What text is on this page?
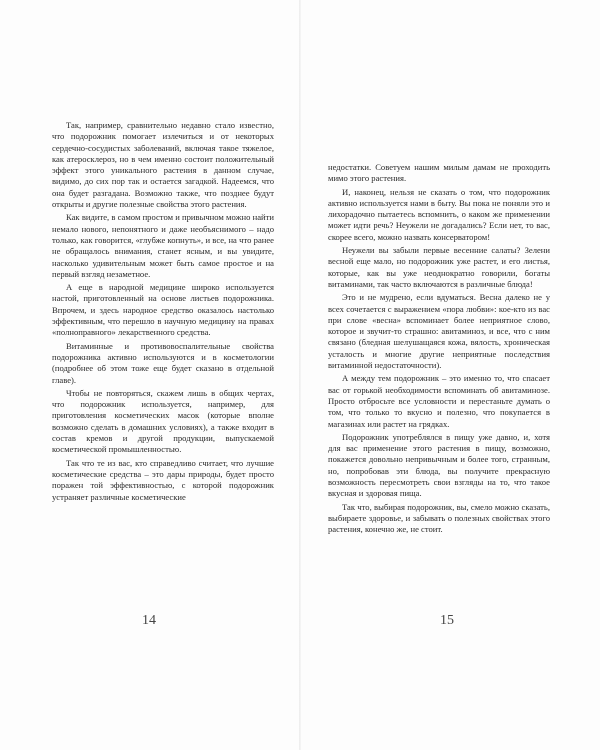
Так, например, сравнительно недавно стало известно, что подорожник помогает излечиться и от некоторых сердечно-сосудистых заболеваний, включая такое тяжелое, как атеросклероз, но в чем именно состоит положительный эффект этого уникального растения в данном случае, видимо, до сих пор так и остается загадкой. Надеемся, что она будет разгадана. Возможно также, что позднее будут открыты и другие полезные свойства этого растения.

Как видите, в самом простом и привычном можно найти немало нового, непонятного и даже необъяснимого – надо только, как говорится, «глубже копнуть», и все, на что ранее не обращалось внимания, станет ясным, и вы увидите, насколько удивительным может быть самое простое и на первый взгляд незаметное.

А еще в народной медицине широко используется настой, приготовленный на основе листьев подорожника. Впрочем, и здесь народное средство оказалось настолько эффективным, что перешло в научную медицину на правах «полноправного» лекарственного средства.

Витаминные и противовоспалительные свойства подорожника активно используются и в косметологии (подробнее об этом тоже еще будет сказано в отдельной главе).

Чтобы не повторяться, скажем лишь в общих чертах, что подорожник используется, например, для приготовления косметических масок (которые вполне возможно сделать в домашних условиях), а также входит в состав кремов и другой продукции, выпускаемой косметической промышленностью.

Так что те из вас, кто справедливо считает, что лучшие косметические средства – это дары природы, будет просто поражен той эффективностью, с которой подорожник устраняет различные косметические

14

недостатки. Советуем нашим милым дамам не проходить мимо этого растения.

И, наконец, нельзя не сказать о том, что подорожник активно используется нами в быту. Вы пока не поняли это и лихорадочно пытаетесь вспомнить, о каком же применении может идти речь? Неужели не догадались? Если нет, то вас, скорее всего, можно назвать консерватором!

Неужели вы забыли первые весенние салаты? Зелени весной еще мало, но подорожник уже растет, и его листья, которые, как вы уже неоднократно говорили, богаты витаминами, так часто включаются в различные блюда!

Это и не мудрено, если вдуматься. Весна далеко не у всех сочетается с выражением «пора любви»: кое-кто из вас при слове «весна» вспоминает более неприятное слово, которое и звучит-то страшно: авитаминоз, и все, что с ним связано (бледная шелушащаяся кожа, вялость, хроническая усталость и многие другие неприятные последствия витаминной недостаточности).

А между тем подорожник – это именно то, что спасает вас от горькой необходимости вспоминать об авитаминозе. Просто отбросьте все условности и перестаньте думать о том, что только то вкусно и полезно, что покупается в магазинах или растет на грядках.

Подорожник употреблялся в пищу уже давно, и, хотя для вас применение этого растения в пищу, возможно, покажется довольно непривычным и более того, странным, но, попробовав эти блюда, вы получите прекрасную возможность пересмотреть свои взгляды на то, что такое вкусная и здоровая пища.

Так что, выбирая подорожник, вы, смело можно сказать, выбираете здоровье, и забывать о полезных свойствах этого растения, конечно же, не стоит.

15
